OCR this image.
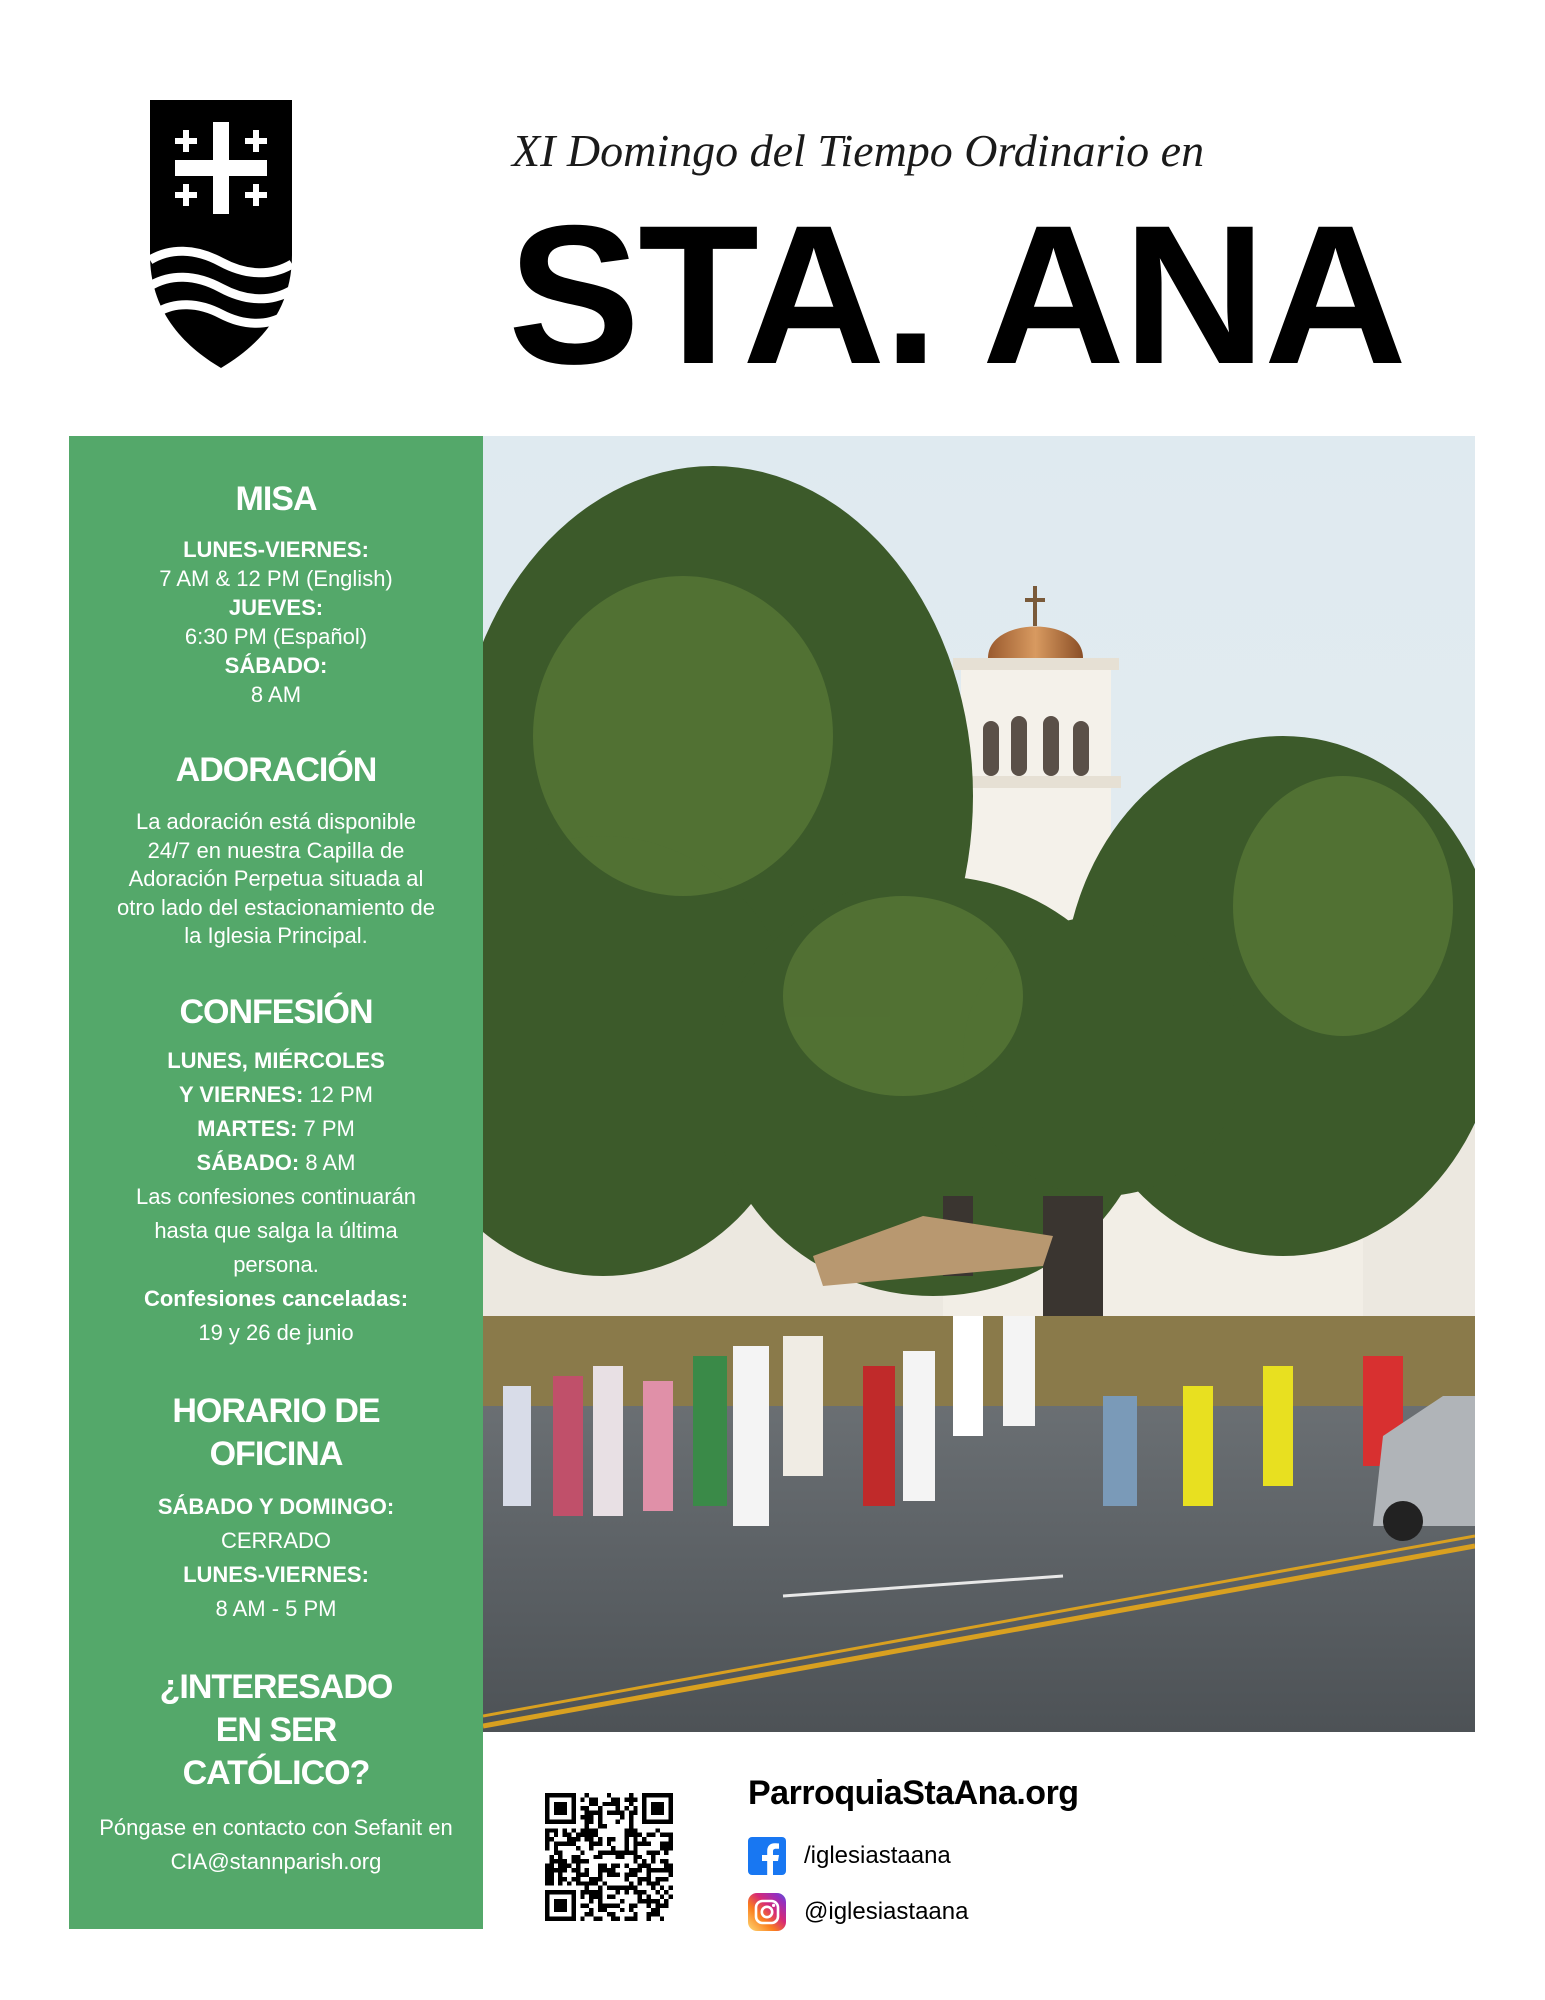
XI Domingo del Tiempo Ordinario en
STA. ANA
MISA
LUNES-VIERNES:
7 AM & 12 PM (English)
JUEVES:
6:30 PM (Español)
SÁBADO:
8 AM
ADORACIÓN
La adoración está disponible 24/7 en nuestra Capilla de Adoración Perpetua situada al otro lado del estacionamiento de la Iglesia Principal.
CONFESIÓN
LUNES, MIÉRCOLES
Y VIERNES: 12 PM
MARTES: 7 PM
SÁBADO: 8 AM
Las confesiones continuarán hasta que salga la última persona.
Confesiones canceladas:
19 y 26 de junio
HORARIO DE OFICINA
SÁBADO Y DOMINGO:
CERRADO
LUNES-VIERNES:
8 AM - 5 PM
¿INTERESADO EN SER CATÓLICO?
Póngase en contacto con Sefanit en CIA@stannparish.org
ParroquiaStaAna.org
/iglesiastaana
@iglesiastaana
